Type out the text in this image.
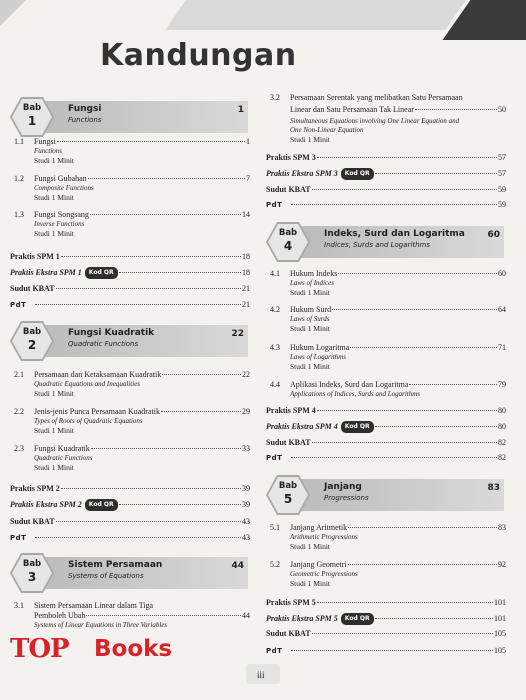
Kandungan
Bab
1
Fungsi
Functions
1
1.1 Fungsi	1
Functions
Studi 1 Minit
1.2 Fungsi Gubahan	7
Composite Functions
Studi 1 Minit
1.3 Fungsi Songsang	14
Inverse Functions
Studi 1 Minit
Praktis SPM 1	18
Praktis Ekstra SPM 1	Kod QR	18
Sudut KBAT	21
PdT	21
Bab
2
Fungsi Kuadratik
Quadratic Functions
22
2.1 Persamaan dan Ketaksamaan Kuadratik	22
Quadratic Equations and Inequalities
Studi 1 Minit
2.2 Jenis-jenis Punca Persamaan Kuadratik	29
Types of Roots of Quadratic Equations
Studi 1 Minit
2.3 Fungsi Kuadratik	33
Quadratic Functions
Studi 1 Minit
Praktis SPM 2	39
Praktis Ekstra SPM 2	Kod QR	39
Sudut KBAT	43
PdT	43
Bab
3
Sistem Persamaan
Systems of Equations
44
3.1 Sistem Persamaan Linear dalam Tiga
Pemboleh Ubah	44
Systems of Linear Equations in Three Variables
3.2 Persamaan Serentak yang melibatkan Satu Persamaan
Linear dan Satu Persamaan Tak Linear	50
Simultaneous Equations involving One Linear Equation and
One Non-Linear Equation
Studi 1 Minit
Praktis SPM 3	57
Praktis Ekstra SPM 3	Kod QR	57
Sudut KBAT	59
PdT	59
Bab
4
Indeks, Surd dan Logaritma
Indices, Surds and Logarithms
60
4.1 Hukum Indeks	60
Laws of Indices
Studi 1 Minit
4.2 Hukum Surd	64
Laws of Surds
Studi 1 Minit
4.3 Hukum Logaritma	71
Laws of Logarithms
Studi 1 Minit
4.4 Aplikasi Indeks, Surd dan Logaritma	79
Applications of Indices, Surds and Logarithms
Praktis SPM 4	80
Praktis Ekstra SPM 4	Kod QR	80
Sudut KBAT	82
PdT	82
Bab
5
Janjang
Progressions
83
5.1 Janjang Aritmetik	83
Arithmetic Progressions
Studi 1 Minit
5.2 Janjang Geometri	92
Geometric Progressions
Studi 1 Minit
Praktis SPM 5	101
Praktis Ekstra SPM 5	Kod QR	101
Sudut KBAT	105
PdT	105
TOP Books
iii
